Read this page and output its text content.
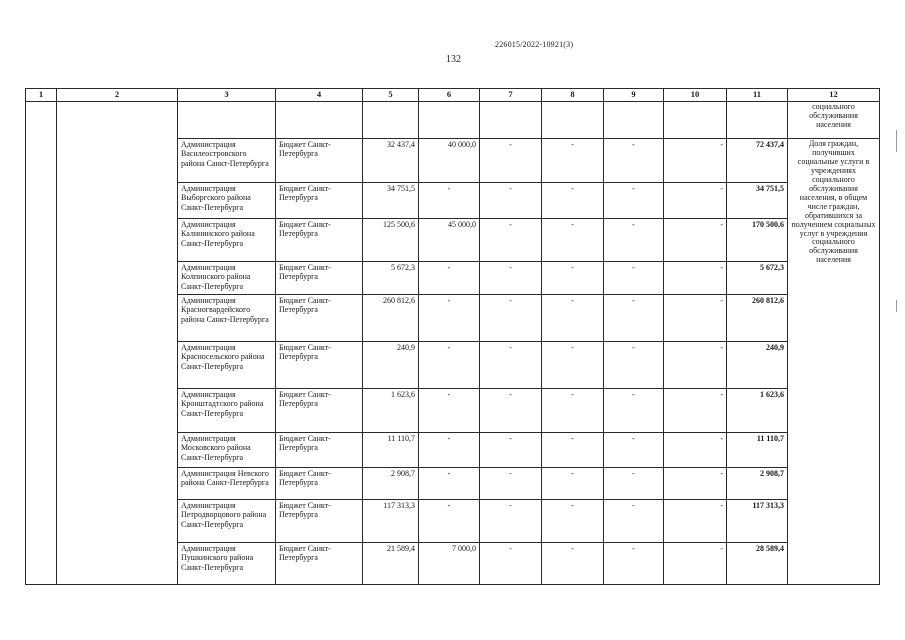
226015/2022-10921(3)
132
1	2	3	4	5	6	7	8	9	10	11	12
											социального обслуживания населения
		Администрация Василеостровского района Санкт-Петербурга	Бюджет Санкт-Петербурга	32 437,4	40 000,0	-	-	-	-	72 437,4	Доля граждан, получивших социальные услуги в учреждениях социального обслуживания населения, в общем числе граждан, обратившихся за получением социальных услуг в учреждения социального обслуживания населения
		Администрация Выборгского района Санкт-Петербурга	Бюджет Санкт-Петербурга	34 751,5	-	-	-	-	-	34 751,5	
		Администрация Калининского района Санкт-Петербурга	Бюджет Санкт-Петербурга	125 500,6	45 000,0	-	-	-	-	170 500,6	
		Администрация Колпинского района Санкт-Петербурга	Бюджет Санкт-Петербурга	5 672,3	-	-	-	-	-	5 672,3	
		Администрация Красногвардейского района Санкт-Петербурга	Бюджет Санкт-Петербурга	260 812,6	-	-	-	-	-	260 812,6	
		Администрация Красносельского района Санкт-Петербурга	Бюджет Санкт-Петербурга	240,9	-	-	-	-	-	240,9	
		Администрация Кронштадтского района Санкт-Петербурга	Бюджет Санкт-Петербурга	1 623,6	-	-	-	-	-	1 623,6	
		Администрация Московского района Санкт-Петербурга	Бюджет Санкт-Петербурга	11 110,7	-	-	-	-	-	11 110,7	
		Администрация Невского района Санкт-Петербурга	Бюджет Санкт-Петербурга	2 908,7	-	-	-	-	-	2 908,7	
		Администрация Петродворцового района Санкт-Петербурга	Бюджет Санкт-Петербурга	117 313,3	-	-	-	-	-	117 313,3	
		Администрация Пушкинского района Санкт-Петербурга	Бюджет Санкт-Петербурга	21 589,4	7 000,0	-	-	-	-	28 589,4	
